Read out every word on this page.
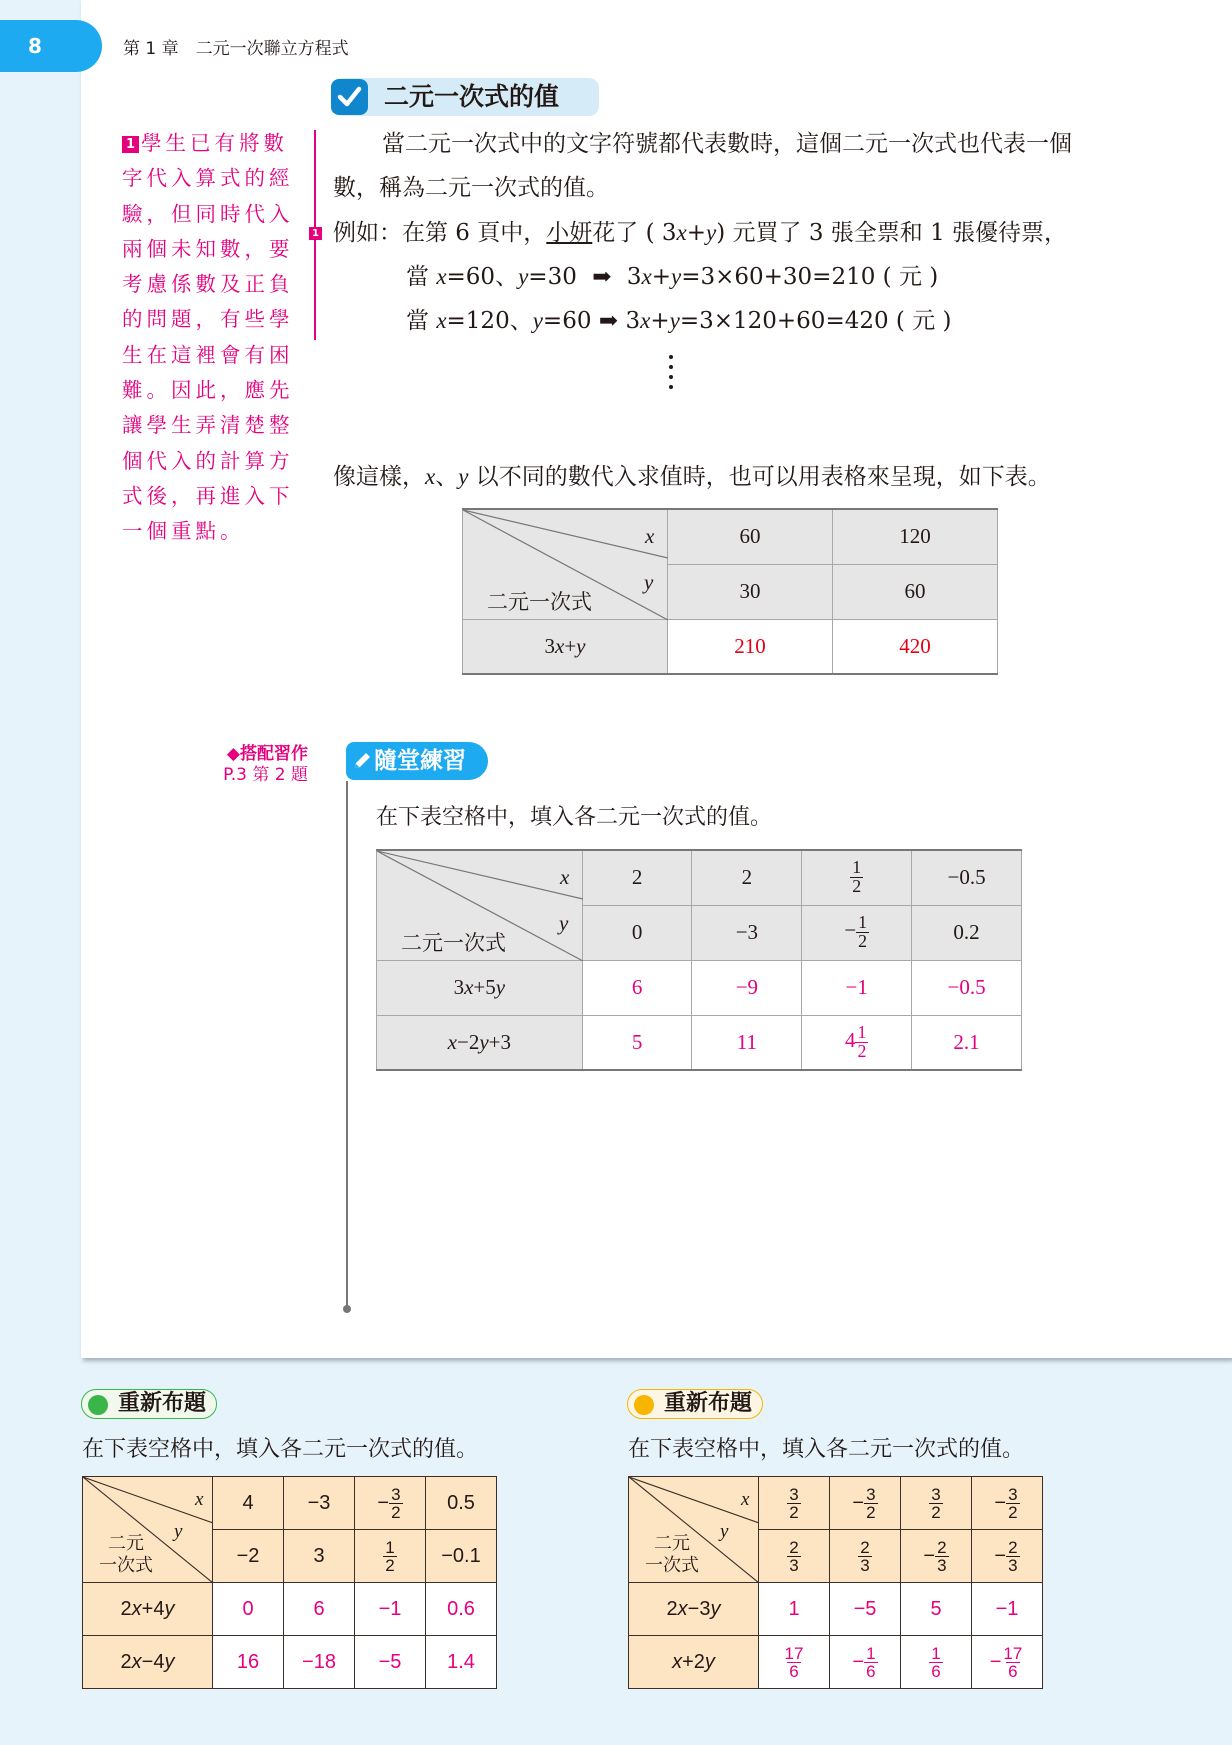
8	第 1 章　二元一次聯立方程式
二元一次式的值
1 學生已有將數
字代入算式的經
驗，但同時代入
兩個未知數，要
考慮係數及正負
的問題，有些學
生在這裡會有困
難。因此，應先
讓學生弄清楚整
個代入的計算方
式後，再進入下
一個重點。
1
當二元一次式中的文字符號都代表數時，這個二元一次式也代表一個
數，稱為二元一次式的值。
例如：在第 6 頁中，小妍花了 ( 3x+y) 元買了 3 張全票和 1 張優待票，
當 x=60、y=30 ➡ 3x+y=3×60+30=210 ( 元 )
當 x=120、y=60 ➡ 3x+y=3×120+60=420 ( 元 )
像這樣，x、y 以不同的數代入求值時，也可以用表格來呈現，如下表。
x
y
二元一次式	60	120
	30	60
3x+y	210	420
◆搭配習作
P.3 第 2 題
隨堂練習
在下表空格中，填入各二元一次式的值。
x
y
二元一次式	2	2	$\frac{1}{2}$	−0.5
	0	−3	− $\frac{1}{2}$	0.2
3x+5y	6	−9	−1	−0.5
x−2y+3	5	11	$4 \frac{1}{2}$	2.1
重新布題
在下表空格中，填入各二元一次式的值。
x
y
二元
一次式	4	−3	− $\frac{3}{2}$	0.5
	−2	3	$\frac{1}{2}$	−0.1
2x+4y	0	6	−1	0.6
2x−4y	16	−18	−5	1.4
重新布題
在下表空格中，填入各二元一次式的值。
x
y
二元
一次式	$\frac{3}{2}$	− $\frac{3}{2}$	$\frac{3}{2}$	− $\frac{3}{2}$

	$\frac{2}{3}$	$\frac{2}{3}$	− $\frac{2}{3}$	− $\frac{2}{3}$

2x−3y	1	−5	5	−1
x+2y	$\frac{17}{6}$	− $\frac{1}{6}$	$\frac{1}{6}$	− $\frac{17}{6}$
